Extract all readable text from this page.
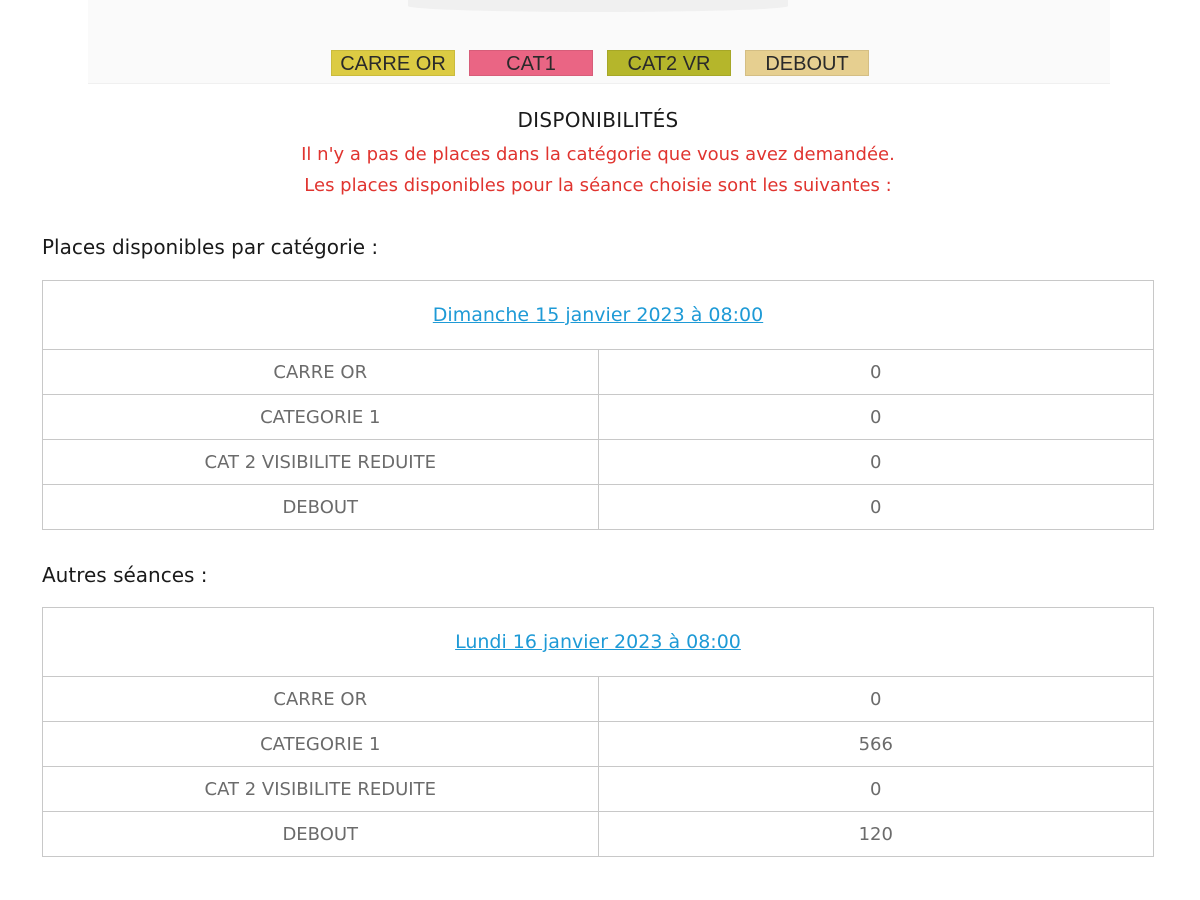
CARRE OR	CAT1	CAT2 VR	DEBOUT
DISPONIBILITÉS
Il n'y a pas de places dans la catégorie que vous avez demandée.
Les places disponibles pour la séance choisie sont les suivantes :
Places disponibles par catégorie :
Dimanche 15 janvier 2023 à 08:00	
CARRE OR	0
CATEGORIE 1	0
CAT 2 VISIBILITE REDUITE	0
DEBOUT	0
Autres séances :
Lundi 16 janvier 2023 à 08:00	
CARRE OR	0
CATEGORIE 1	566
CAT 2 VISIBILITE REDUITE	0
DEBOUT	120
